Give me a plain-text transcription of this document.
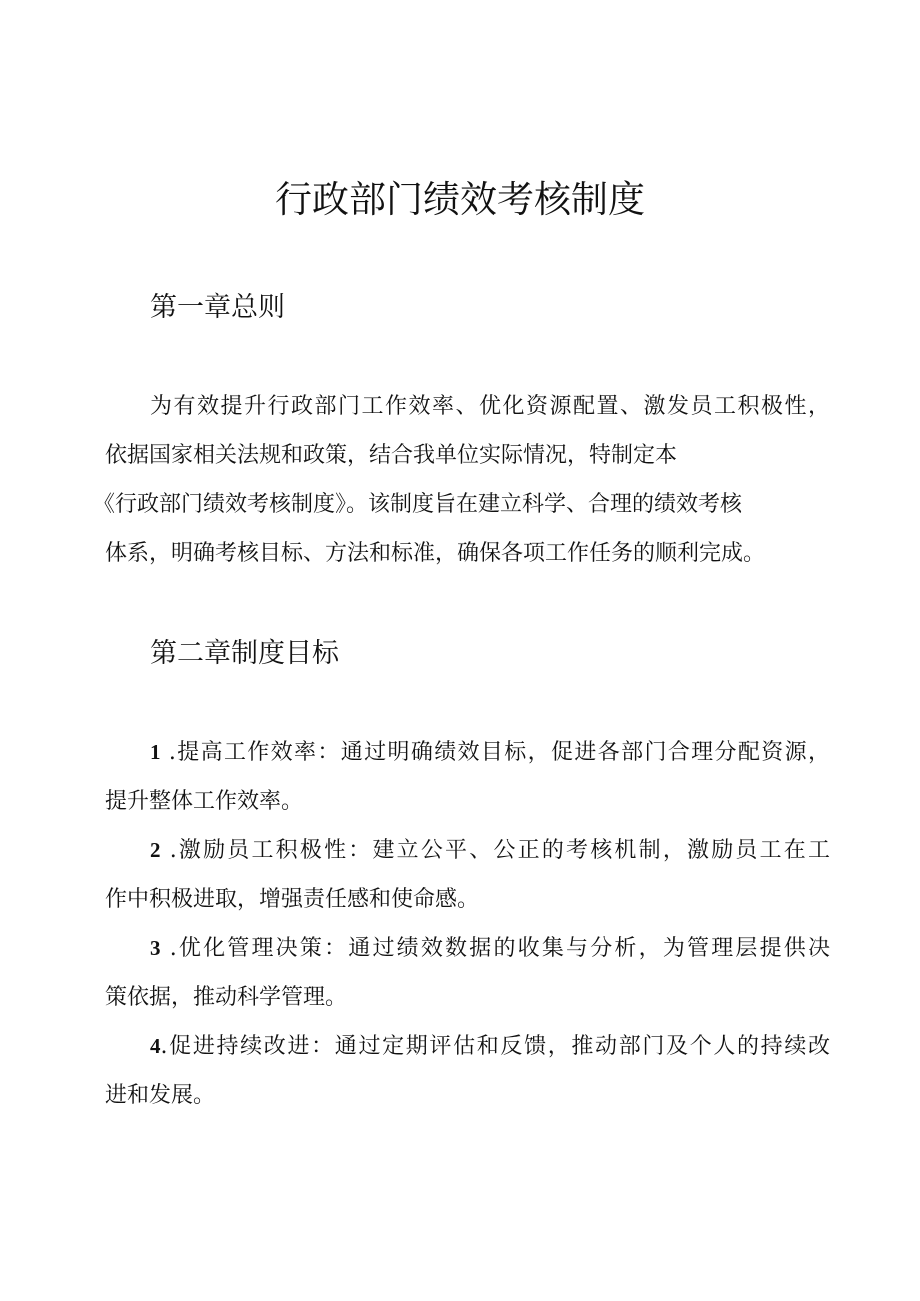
行政部门绩效考核制度
第一章总则
为有效提升行政部门工作效率、优化资源配置、激发员工积极性，
依据国家相关法规和政策，结合我单位实际情况，特制定本
《行政部门绩效考核制度》。该制度旨在建立科学、合理的绩效考核
体系，明确考核目标、方法和标准，确保各项工作任务的顺利完成。
第二章制度目标
1 .提高工作效率：通过明确绩效目标，促进各部门合理分配资源，
提升整体工作效率。
2 .激励员工积极性：建立公平、公正的考核机制，激励员工在工
作中积极进取，增强责任感和使命感。
3 .优化管理决策：通过绩效数据的收集与分析，为管理层提供决
策依据，推动科学管理。
4.促进持续改进：通过定期评估和反馈，推动部门及个人的持续改
进和发展。
